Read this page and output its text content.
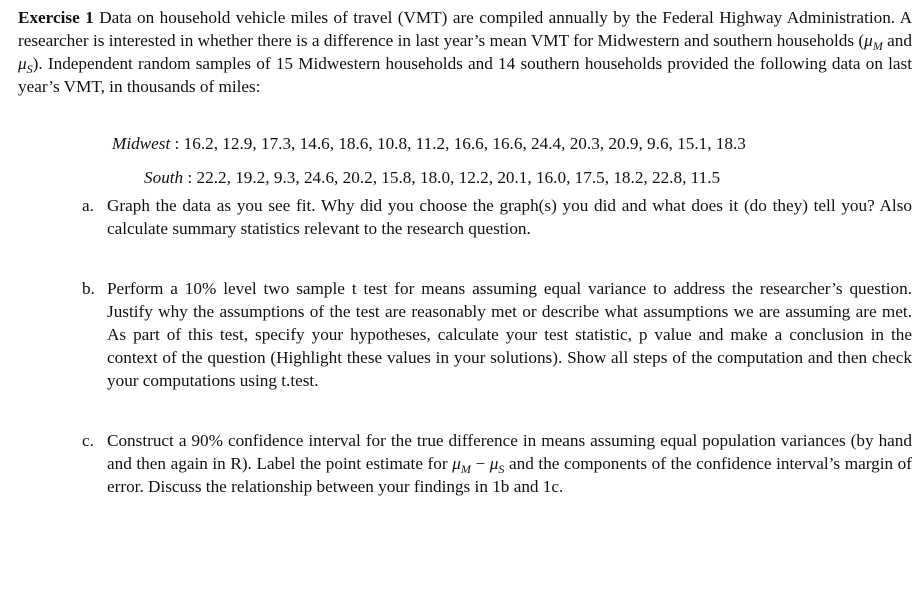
Exercise 1 Data on household vehicle miles of travel (VMT) are compiled annually by the Federal Highway Administration. A researcher is interested in whether there is a difference in last year’s mean VMT for Midwestern and southern households ($\mu_M$ and $\mu_S$). Independent random samples of 15 Midwestern households and 14 southern households provided the following data on last year’s VMT, in thousands of miles:

Midwest : 16.2, 12.9, 17.3, 14.6, 18.6, 10.8, 11.2, 16.6, 16.6, 24.4, 20.3, 20.9, 9.6, 15.1, 18.3
South : 22.2, 19.2, 9.3, 24.6, 20.2, 15.8, 18.0, 12.2, 20.1, 16.0, 17.5, 18.2, 22.8, 11.5
a. Graph the data as you see fit. Why did you choose the graph(s) you did and what does it (do they) tell you? Also calculate summary statistics relevant to the research question.
b. Perform a 10% level two sample t test for means assuming equal variance to address the researcher’s question. Justify why the assumptions of the test are reasonably met or describe what assumptions we are assuming are met. As part of this test, specify your hypotheses, calculate your test statistic, p value and make a conclusion in the context of the question (Highlight these values in your solutions). Show all steps of the computation and then check your computations using t.test.
c. Construct a 90% confidence interval for the true difference in means assuming equal population variances (by hand and then again in R). Label the point estimate for $\mu_M - \mu_S$ and the components of the confidence interval’s margin of error. Discuss the relationship between your findings in 1b and 1c.
